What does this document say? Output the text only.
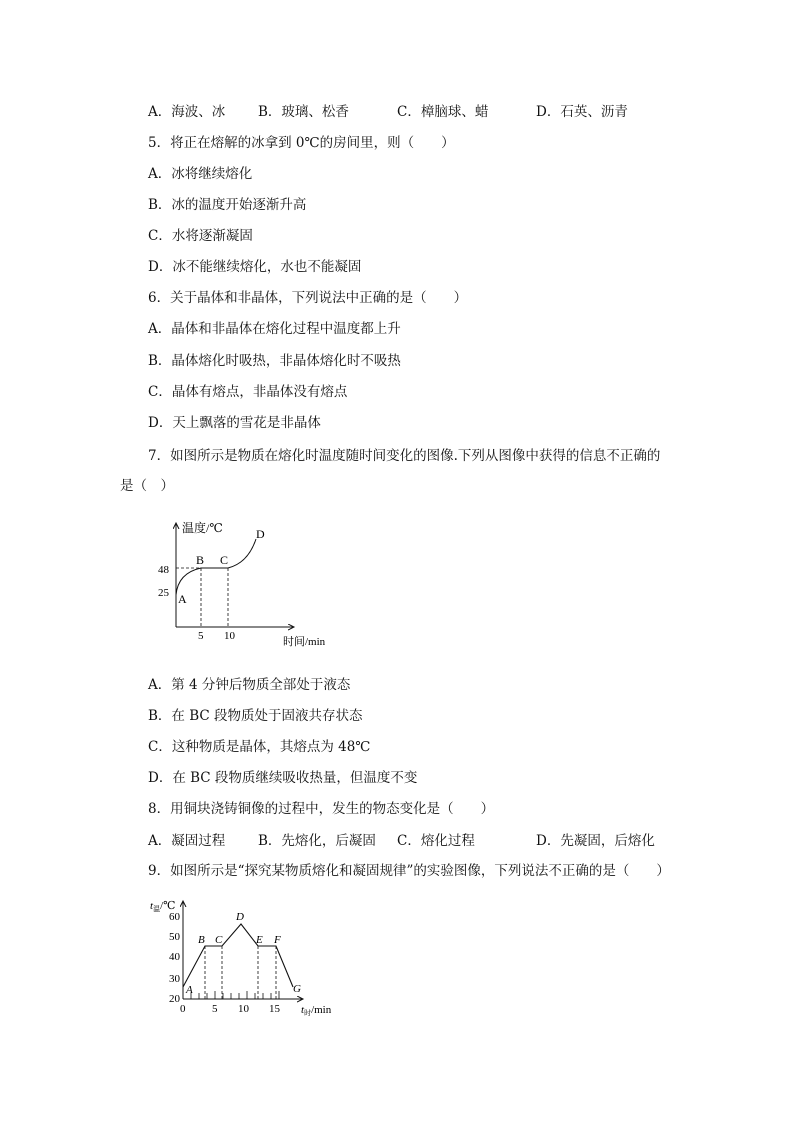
A．海波、冰 B．玻璃、松香	C．樟脑球、蜡	D．石英、沥青
5．将正在熔解的冰拿到 0℃的房间里，则（　　）
A．冰将继续熔化
B．冰的温度开始逐渐升高
C．水将逐渐凝固
D．冰不能继续熔化，水也不能凝固
6．关于晶体和非晶体，下列说法中正确的是（　　）
A．晶体和非晶体在熔化过程中温度都上升
B．晶体熔化时吸热，非晶体熔化时不吸热
C．晶体有熔点，非晶体没有熔点
D．天上飘落的雪花是非晶体
7．如图所示是物质在熔化时温度随时间变化的图像.下列从图像中获得的信息不正确的
是（　）
温度/℃
时间/min
48
25
5 10
A
B C
D
A．第 4 分钟后物质全部处于液态
B．在 BC 段物质处于固液共存状态
C．这种物质是晶体，其熔点为 48℃
D．在 BC 段物质继续吸收热量，但温度不变
8．用铜块浇铸铜像的过程中，发生的物态变化是（　　）
A．凝固过程 B．先熔化，后凝固 C．熔化过程	D．先凝固，后熔化
9．如图所示是“探究某物质熔化和凝固规律”的实验图像，下列说法不正确的是（　　）
t温/℃
t时/min
60
50
40
30
20
0 5 10 15
A
B C
D
E F
G
